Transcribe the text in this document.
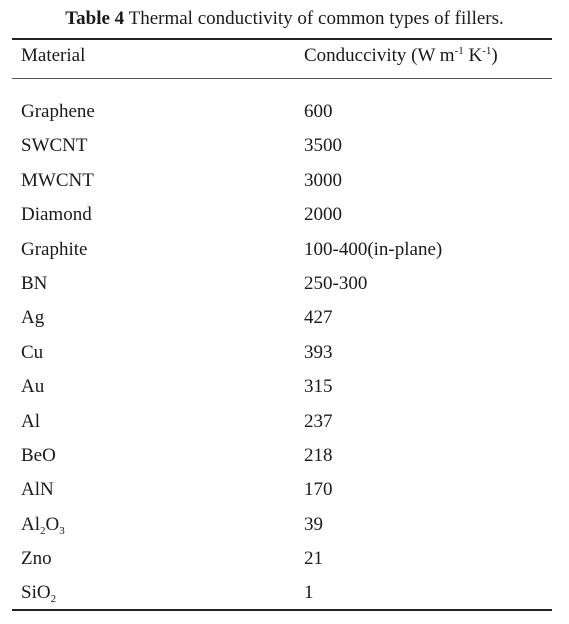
Table 4 Thermal conductivity of common types of fillers.
Material	Conduccivity (W $m^{-1}$ $K^{-1}$)
Graphene	600
SWCNT	3500
MWCNT	3000
Diamond	2000
Graphite	100-400(in-plane)
BN	250-300
Ag	427
Cu	393
Au	315
Al	237
BeO	218
AlN	170
$Al_2O_3$	39
Zno	21
SiO$_2$	1
